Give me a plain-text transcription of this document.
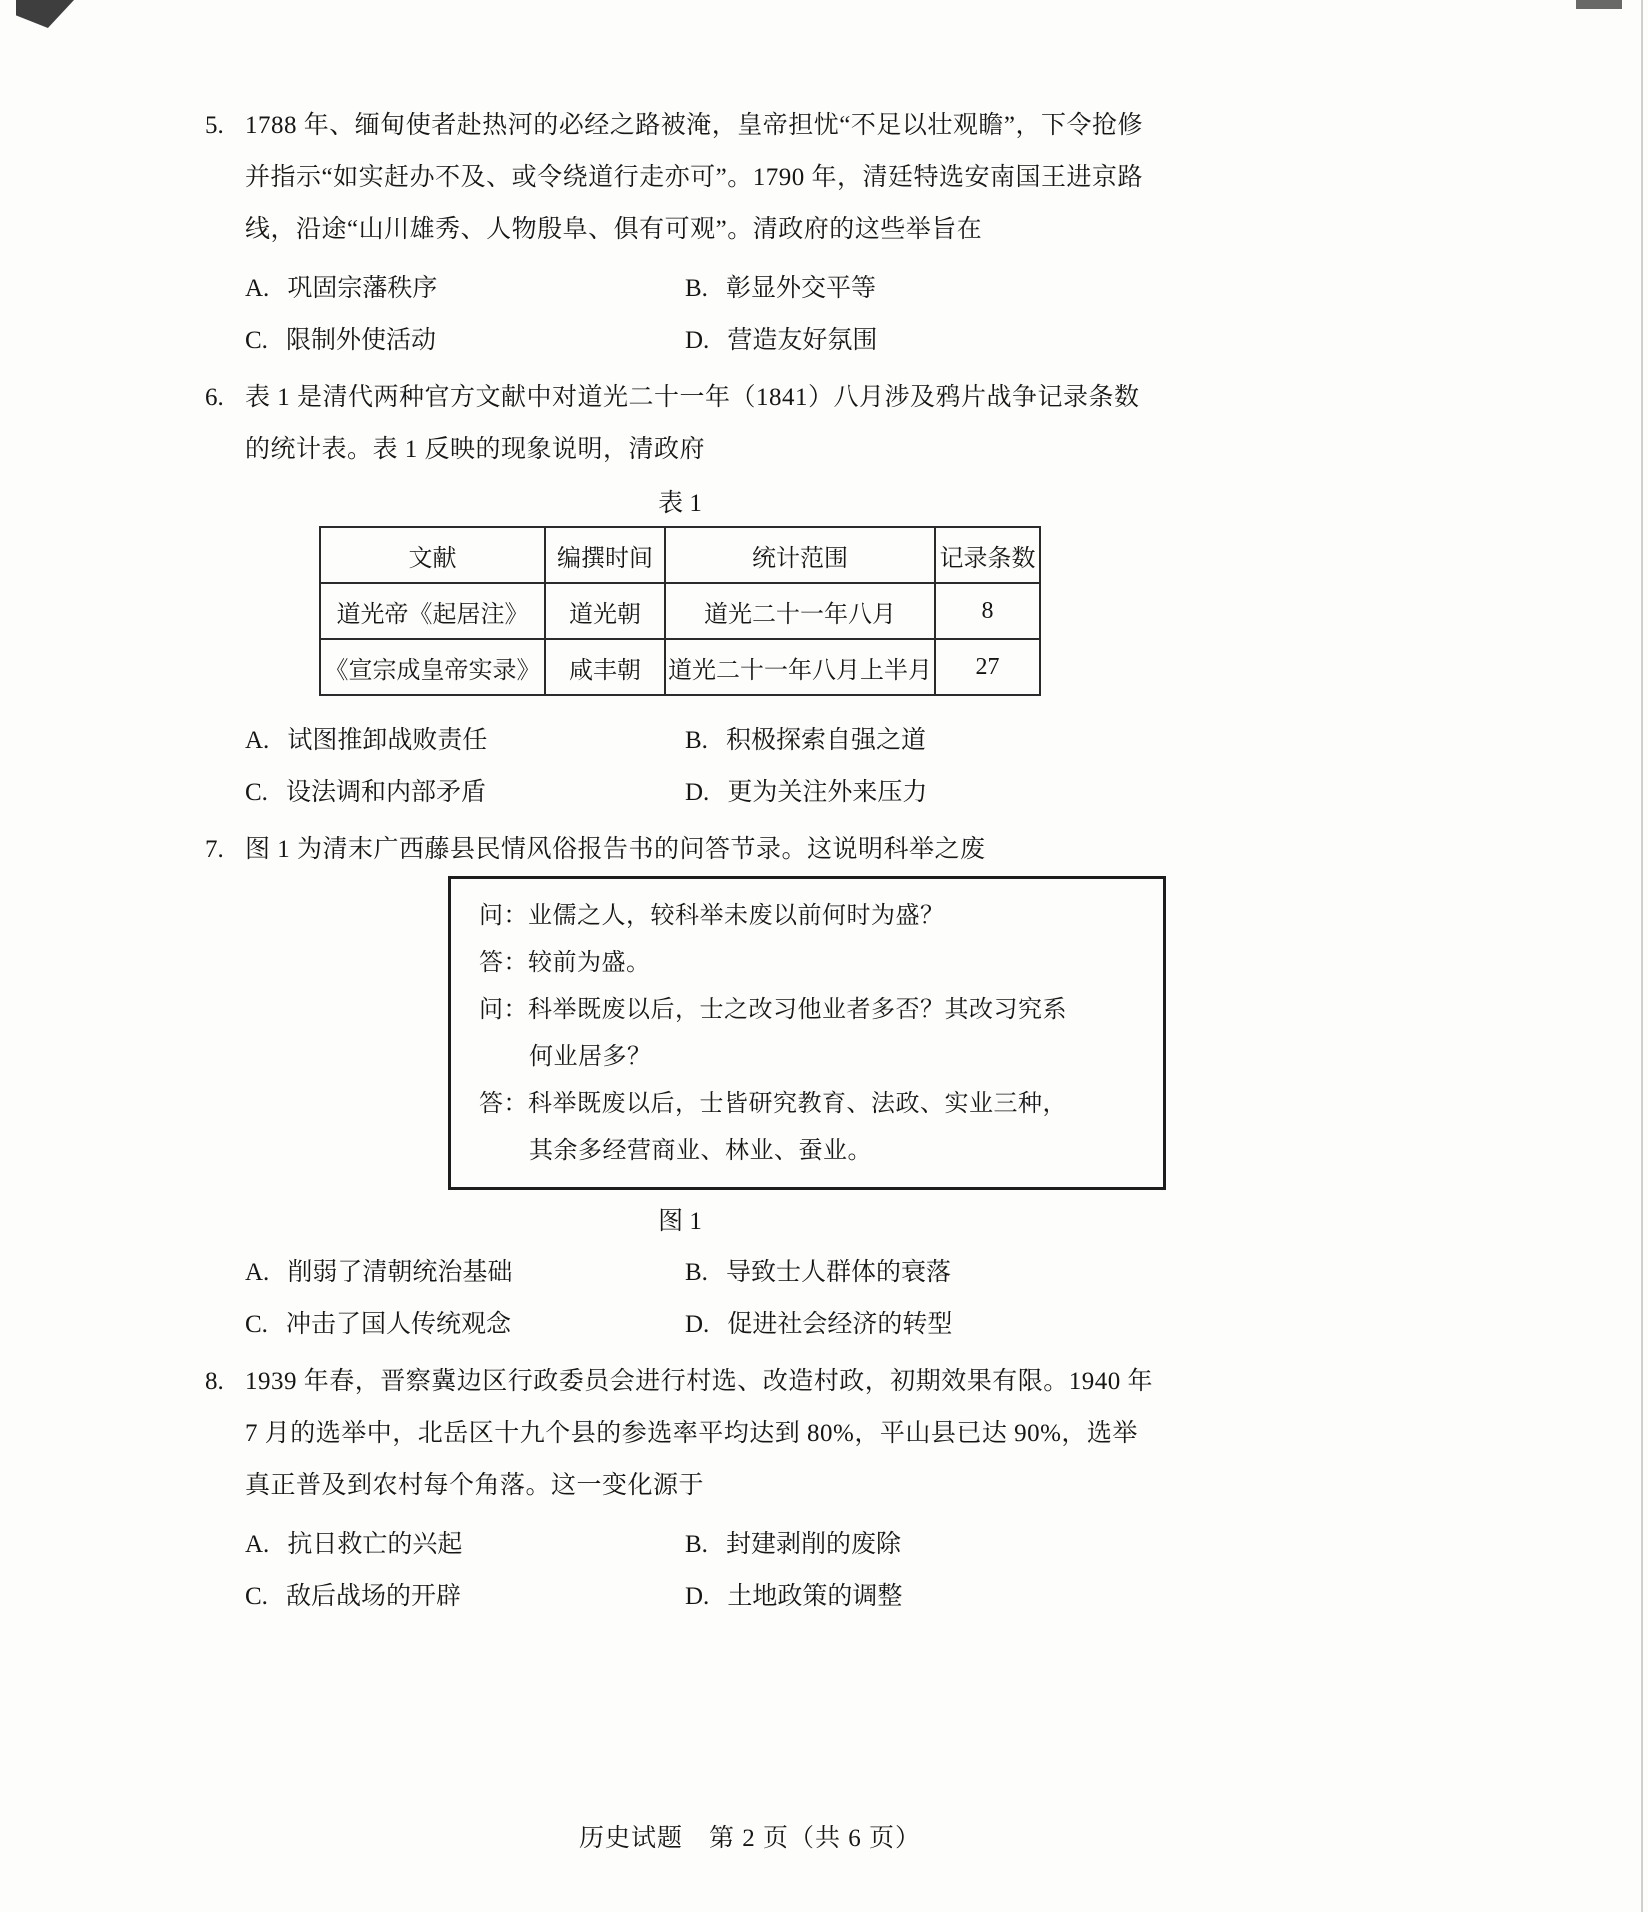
5. 1788 年、缅甸使者赴热河的必经之路被淹，皇帝担忧“不足以壮观瞻”，下令抢修并指示“如实赶办不及、或令绕道行走亦可”。1790 年，清廷特选安南国王进京路线，沿途“山川雄秀、人物殷阜、俱有可观”。清政府的这些举旨在
A. 巩固宗藩秩序	B. 彰显外交平等
C. 限制外使活动	D. 营造友好氛围
6. 表 1 是清代两种官方文献中对道光二十一年（1841）八月涉及鸦片战争记录条数的统计表。表 1 反映的现象说明，清政府
表 1
文献	编撰时间	统计范围	记录条数
道光帝《起居注》	道光朝	道光二十一年八月	8
《宣宗成皇帝实录》	咸丰朝	道光二十一年八月上半月	27
A. 试图推卸战败责任	B. 积极探索自强之道
C. 设法调和内部矛盾	D. 更为关注外来压力
7. 图 1 为清末广西藤县民情风俗报告书的问答节录。这说明科举之废
问：业儒之人，较科举未废以前何时为盛？
答：较前为盛。
问：科举既废以后，士之改习他业者多否？其改习究系
何业居多？
答：科举既废以后，士皆研究教育、法政、实业三种，
其余多经营商业、林业、蚕业。
图 1
A. 削弱了清朝统治基础	B. 导致士人群体的衰落
C. 冲击了国人传统观念	D. 促进社会经济的转型
8. 1939 年春，晋察冀边区行政委员会进行村选、改造村政，初期效果有限。1940 年 7 月的选举中，北岳区十九个县的参选率平均达到 80%，平山县已达 90%，选举真正普及到农村每个角落。这一变化源于
A. 抗日救亡的兴起	B. 封建剥削的废除
C. 敌后战场的开辟	D. 土地政策的调整
历史试题　第 2 页（共 6 页）
